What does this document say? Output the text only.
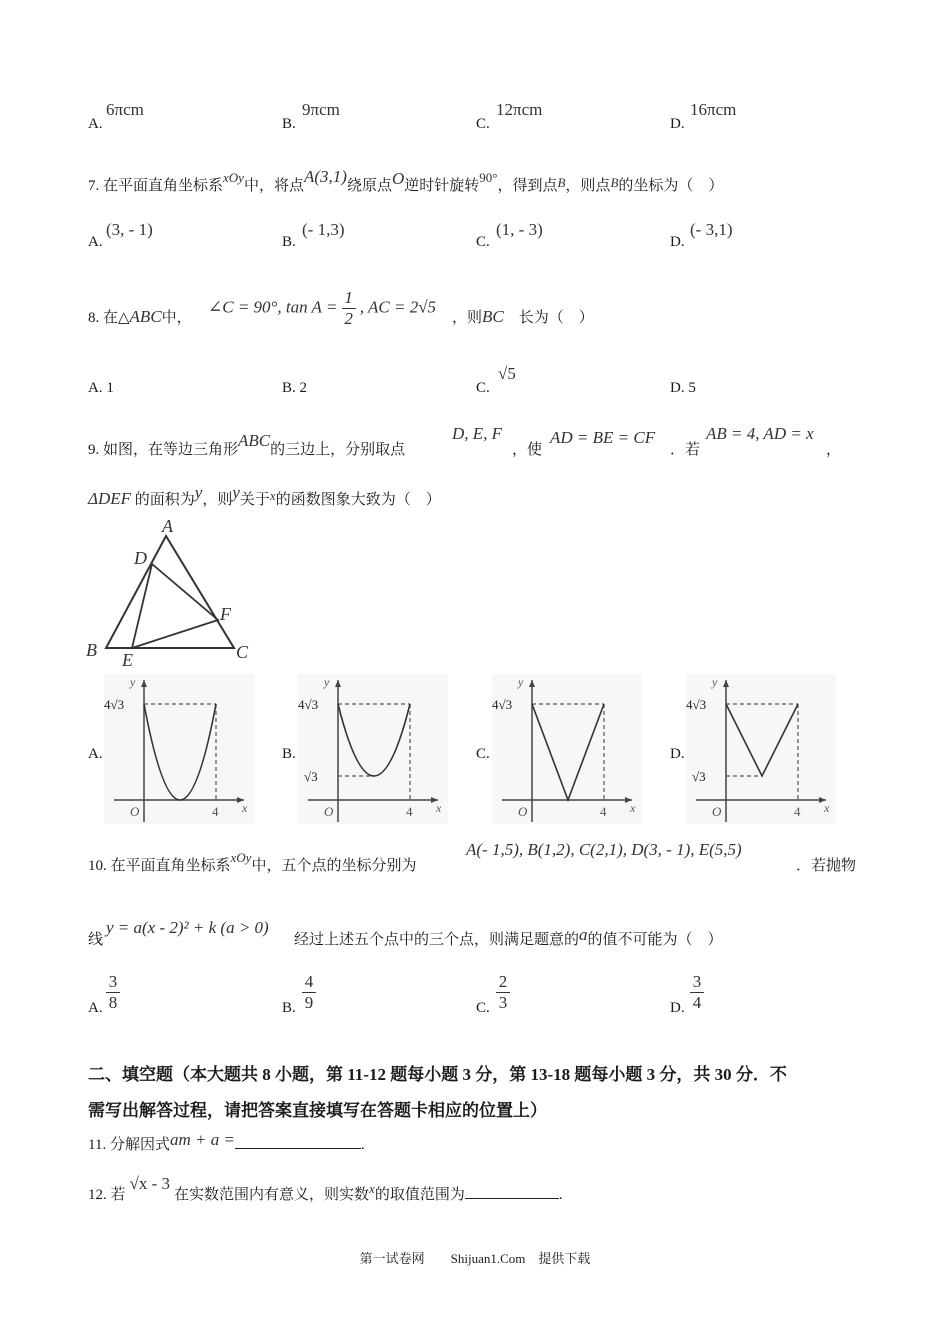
A.
6πcm
B.
9πcm
C.
12πcm
D.
16πcm
7. 在平面直角坐标系xOy中，将点A(3,1)绕原点O逆时针旋转90°，得到点B，则点B的坐标为（　）
A.
(3, - 1)
B.
(- 1,3)
C.
(1, - 3)
D.
(- 3,1)
8. 在△ABC中，
∠C = 90°, $\tan A = \frac{1}{2}$ , AC = 2√5
，则BC　 长为（　）
A. 1	B. 2	C.
√5
D. 5
9. 如图，在等边三角形ABC的三边上，分别取点
D, E, F
，使
AD = BE = CF
．若
AB = 4, AD = x
，
ΔDEF 的面积为y，则y关于x的函数图象大致为（　）
A
D
F
B	C
E
A.	B.	C.	D.
y
x
O	4
4√3
y
x
O	4
4√3
√3
y
x
O	4
4√3
y
x
O	4
4√3
√3
10. 在平面直角坐标系xOy中，五个点的坐标分别为
A(- 1,5), B(1,2), C(2,1), D(3, - 1), E(5,5)
．若抛物
线
y = a(x - 2)² + k (a > 0)
经过上述五个点中的三个点，则满足题意的a的值不可能为（　）
A.
3
8	B.
4
9	C.
2
3	D.
3
4
二、填空题（本大题共 8 小题，第 11-12 题每小题 3 分，第 13-18 题每小题 3 分，共 30 分．不
需写出解答过程，请把答案直接填写在答题卡相应的位置上）
11. 分解因式am + a =	.
12. 若√x - 3在实数范围内有意义，则实数x的取值范围为	.
第一试卷网　　Shijuan1.Com　提供下载
